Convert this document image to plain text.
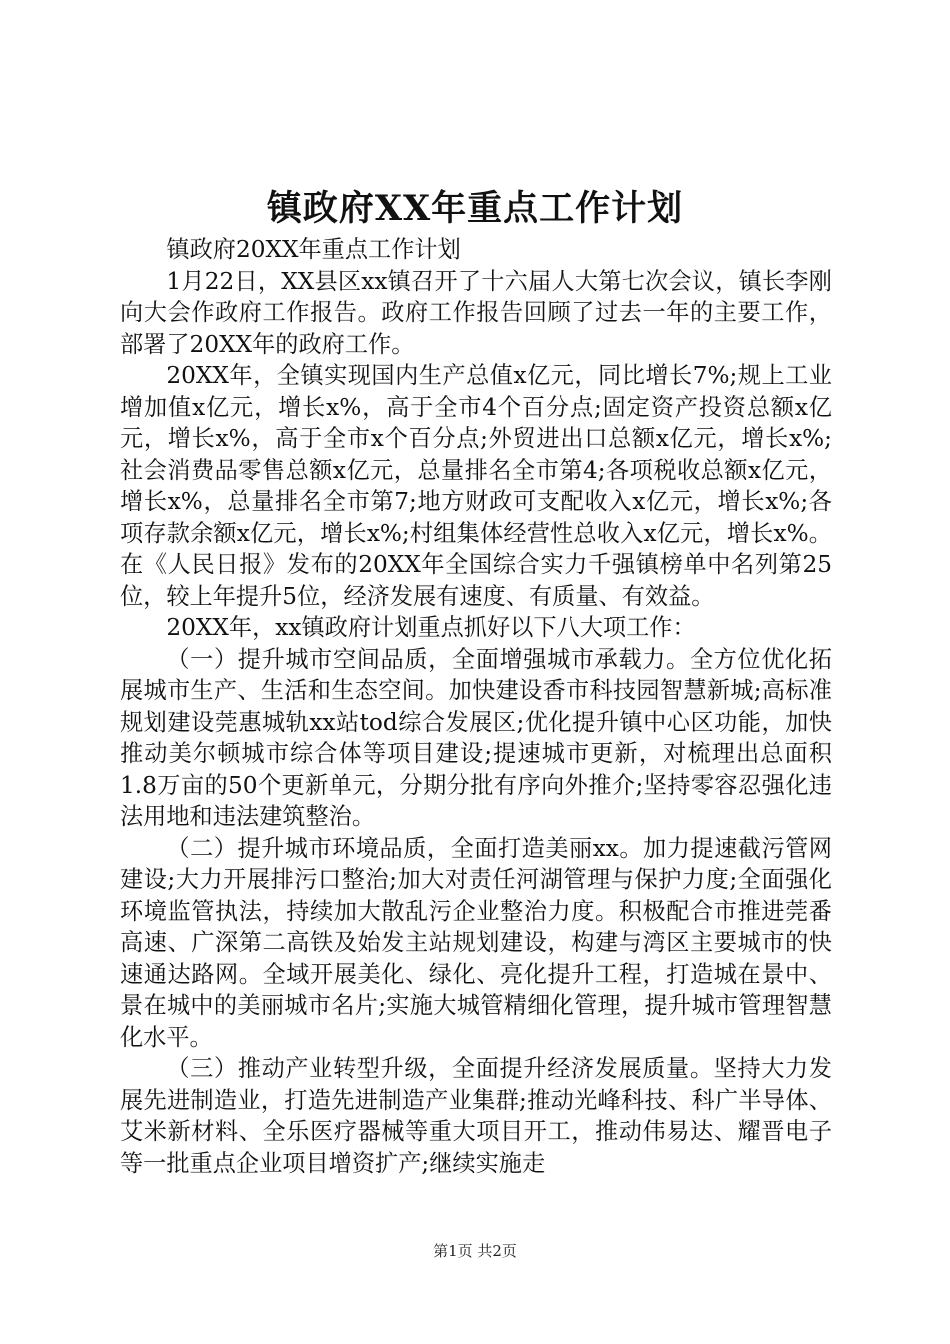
镇政府XX年重点工作计划

镇政府20XX年重点工作计划

1月22日，XX县区xx镇召开了十六届人大第七次会议，镇长李刚向大会作政府工作报告。政府工作报告回顾了过去一年的主要工作，部署了20XX年的政府工作。

20XX年，全镇实现国内生产总值x亿元，同比增长7%;规上工业增加值x亿元，增长x%，高于全市4个百分点;固定资产投资总额x亿元，增长x%，高于全市x个百分点;外贸进出口总额x亿元，增长x%;社会消费品零售总额x亿元，总量排名全市第4;各项税收总额x亿元，增长x%，总量排名全市第7;地方财政可支配收入x亿元，增长x%;各项存款余额x亿元，增长x%;村组集体经营性总收入x亿元，增长x%。在《人民日报》发布的20XX年全国综合实力千强镇榜单中名列第25位，较上年提升5位，经济发展有速度、有质量、有效益。

20XX年，xx镇政府计划重点抓好以下八大项工作：

（一）提升城市空间品质，全面增强城市承载力。全方位优化拓展城市生产、生活和生态空间。加快建设香市科技园智慧新城;高标准规划建设莞惠城轨xx站tod综合发展区;优化提升镇中心区功能，加快推动美尔顿城市综合体等项目建设;提速城市更新，对梳理出总面积1.8万亩的50个更新单元，分期分批有序向外推介;坚持零容忍强化违法用地和违法建筑整治。

（二）提升城市环境品质，全面打造美丽xx。加力提速截污管网建设;大力开展排污口整治;加大对责任河湖管理与保护力度;全面强化环境监管执法，持续加大散乱污企业整治力度。积极配合市推进莞番高速、广深第二高铁及始发主站规划建设，构建与湾区主要城市的快速通达路网。全域开展美化、绿化、亮化提升工程，打造城在景中、景在城中的美丽城市名片;实施大城管精细化管理，提升城市管理智慧化水平。

（三）推动产业转型升级，全面提升经济发展质量。坚持大力发展先进制造业，打造先进制造产业集群;推动光峰科技、科广半导体、艾米新材料、全乐医疗器械等重大项目开工，推动伟易达、耀晋电子等一批重点企业项目增资扩产;继续实施走

第1页 共2页
